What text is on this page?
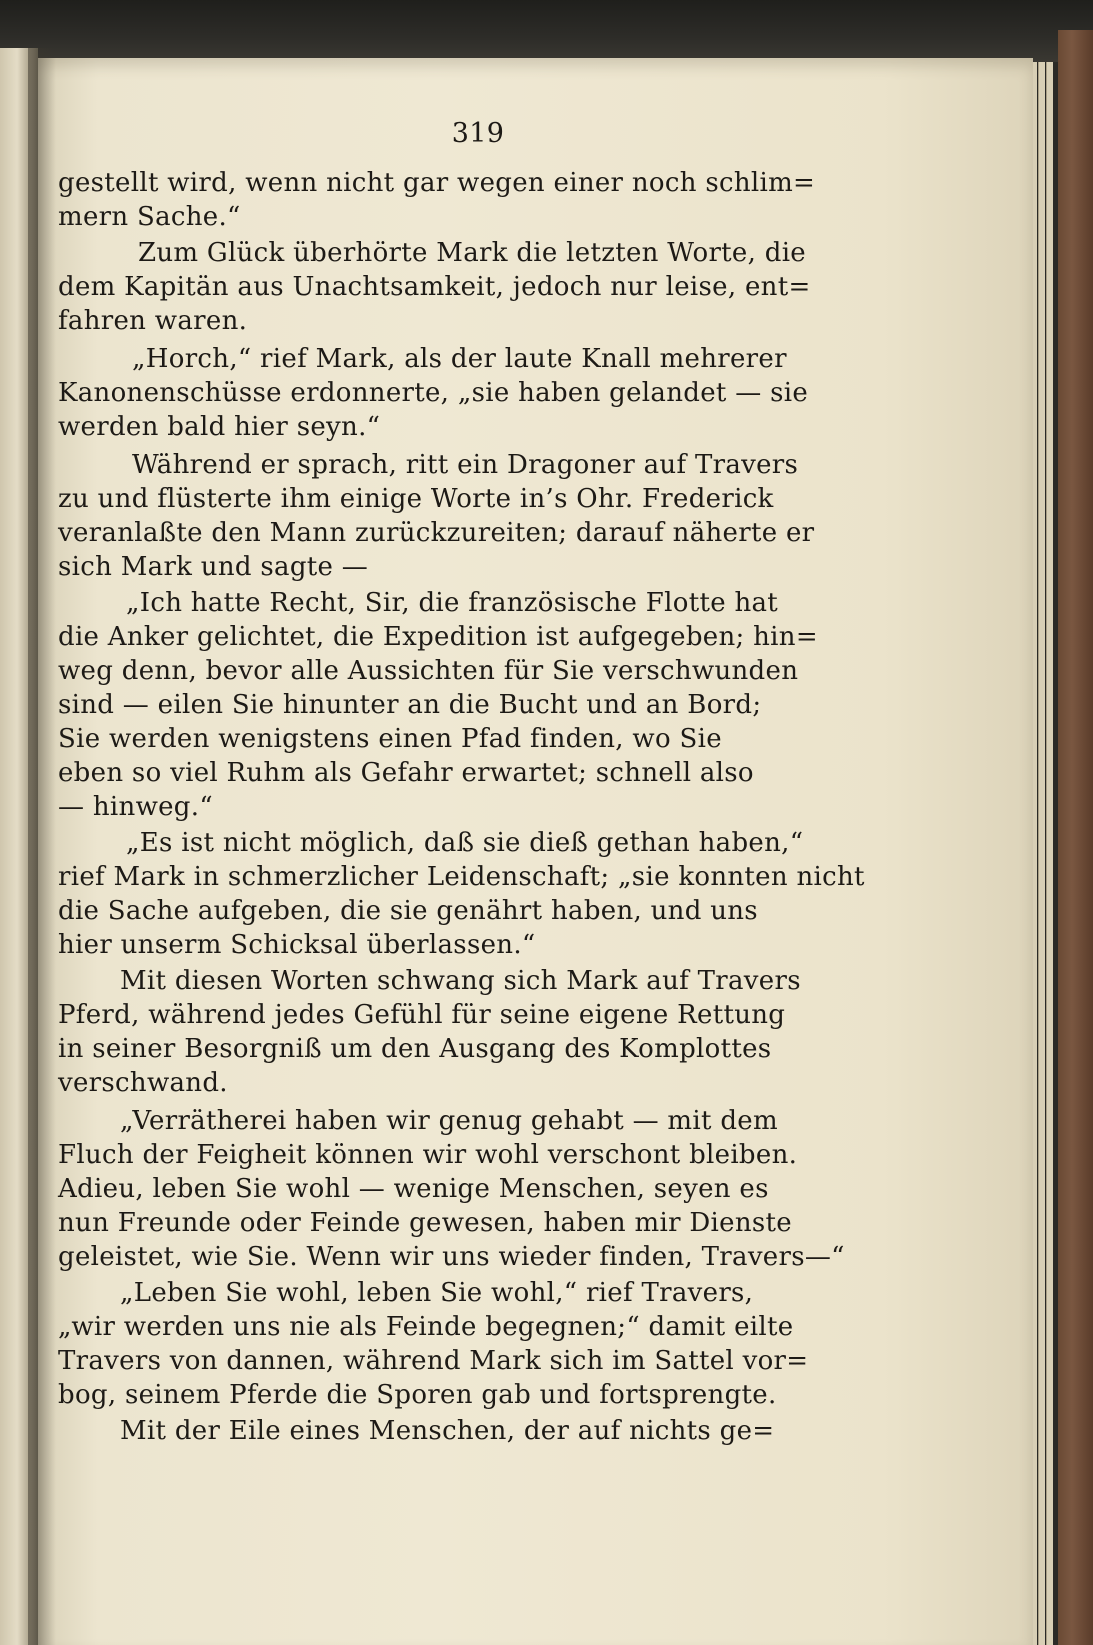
319
gestellt wird, wenn nicht gar wegen einer noch schlim=
mern Sache.“
Zum Glück überhörte Mark die letzten Worte, die
dem Kapitän aus Unachtsamkeit, jedoch nur leise, ent=
fahren waren.
„Horch,“ rief Mark, als der laute Knall mehrerer
Kanonenschüsse erdonnerte, „sie haben gelandet — sie
werden bald hier seyn.“
Während er sprach, ritt ein Dragoner auf Travers
zu und flüsterte ihm einige Worte in’s Ohr. Frederick
veranlaßte den Mann zurückzureiten; darauf näherte er
sich Mark und sagte —
„Ich hatte Recht, Sir, die französische Flotte hat
die Anker gelichtet, die Expedition ist aufgegeben; hin=
weg denn, bevor alle Aussichten für Sie verschwunden
sind — eilen Sie hinunter an die Bucht und an Bord;
Sie werden wenigstens einen Pfad finden, wo Sie
eben so viel Ruhm als Gefahr erwartet; schnell also
— hinweg.“
„Es ist nicht möglich, daß sie dieß gethan haben,“
rief Mark in schmerzlicher Leidenschaft; „sie konnten nicht
die Sache aufgeben, die sie genährt haben, und uns
hier unserm Schicksal überlassen.“
Mit diesen Worten schwang sich Mark auf Travers
Pferd, während jedes Gefühl für seine eigene Rettung
in seiner Besorgniß um den Ausgang des Komplottes
verschwand.
„Verrätherei haben wir genug gehabt — mit dem
Fluch der Feigheit können wir wohl verschont bleiben.
Adieu, leben Sie wohl — wenige Menschen, seyen es
nun Freunde oder Feinde gewesen, haben mir Dienste
geleistet, wie Sie. Wenn wir uns wieder finden, Travers—“
„Leben Sie wohl, leben Sie wohl,“ rief Travers,
„wir werden uns nie als Feinde begegnen;“ damit eilte
Travers von dannen, während Mark sich im Sattel vor=
bog, seinem Pferde die Sporen gab und fortsprengte.
Mit der Eile eines Menschen, der auf nichts ge=
